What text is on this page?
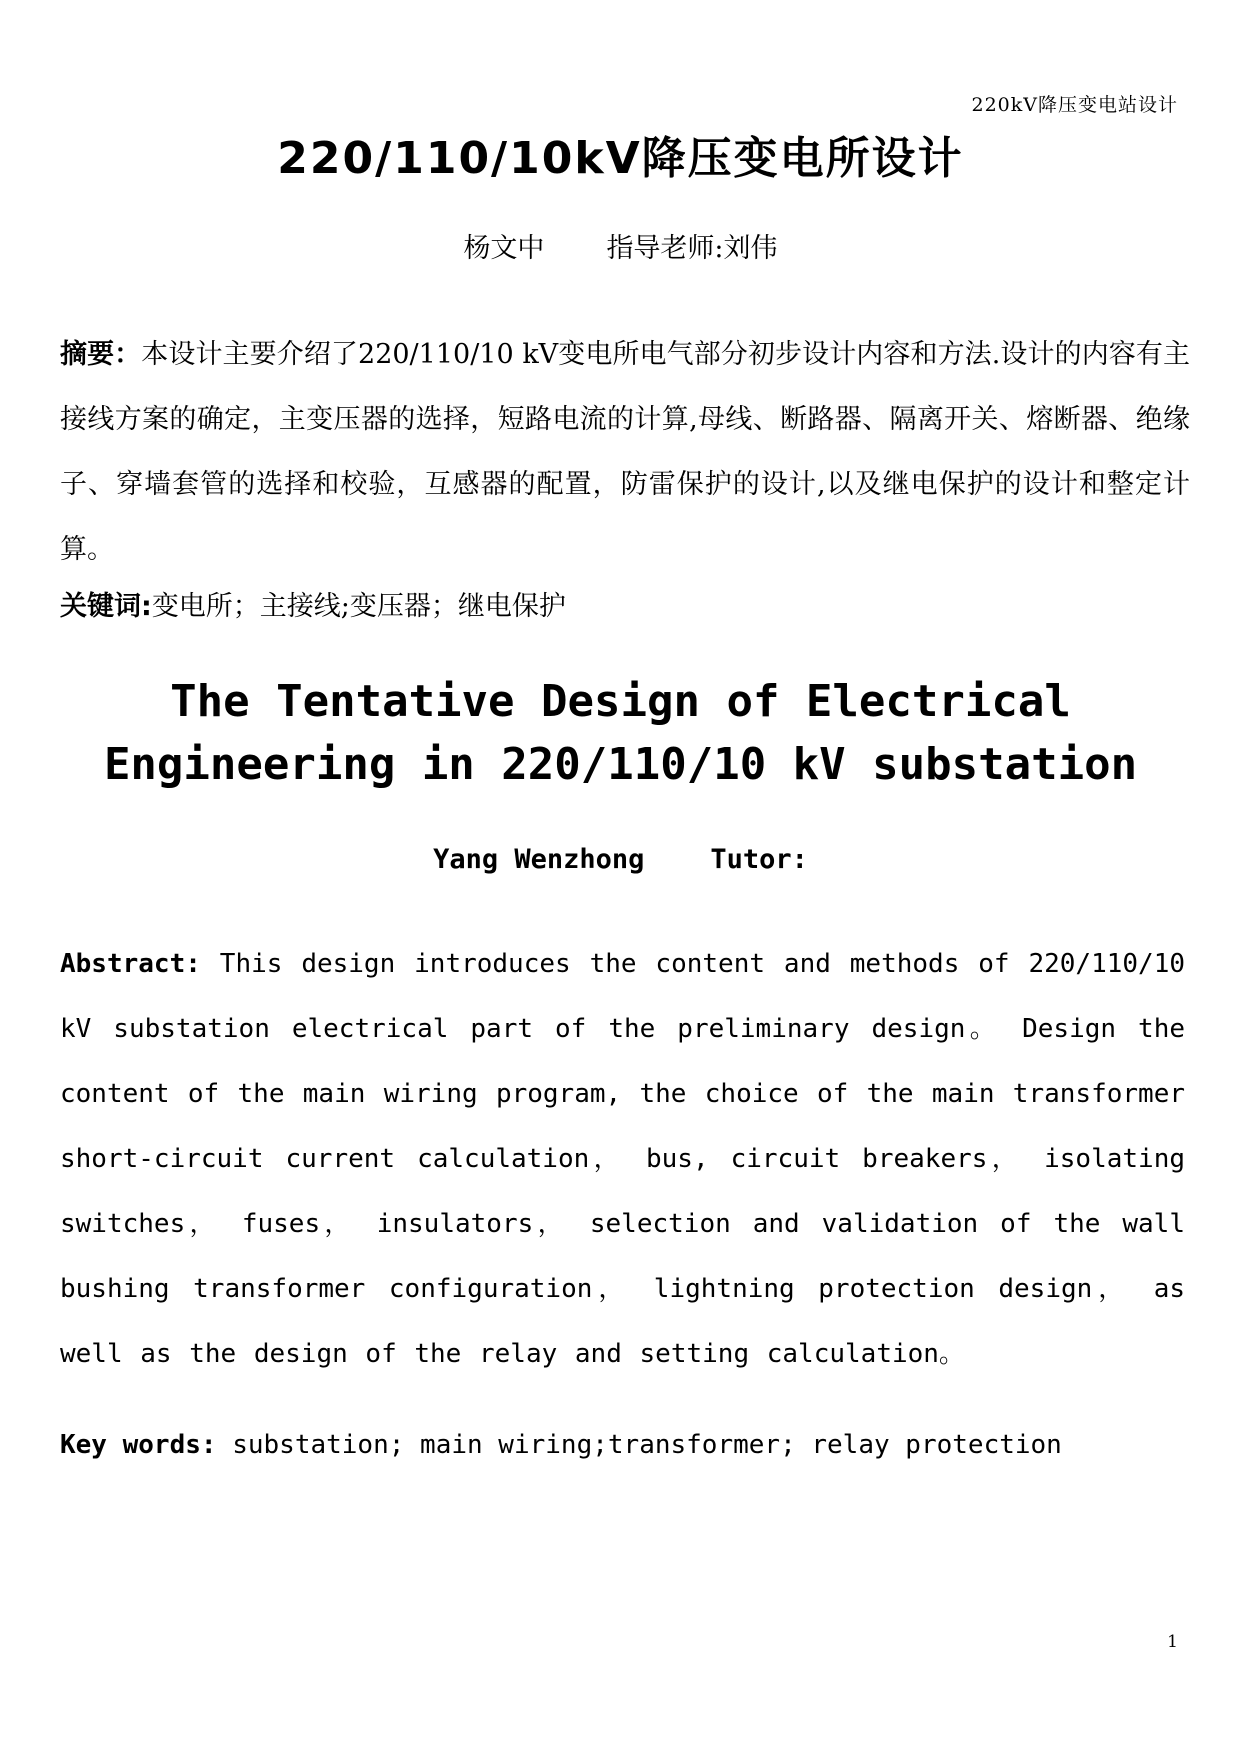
220kV降压变电站设计
220/110/10kV降压变电所设计
杨文中 指导老师:刘伟
摘要：本设计主要介绍了220/110/10 kV变电所电气部分初步设计内容和方法.设计的内容有主接线方案的确定，主变压器的选择，短路电流的计算,母线、断路器、隔离开关、熔断器、绝缘子、穿墙套管的选择和校验，互感器的配置，防雷保护的设计,以及继电保护的设计和整定计算。
关键词:变电所；主接线;变压器；继电保护
The Tentative Design of Electrical Engineering in 220/110/10 kV substation
Yang Wenzhong Tutor:
Abstract: This design introduces the content and methods of 220/110/10 kV substation electrical part of the preliminary design。 Design the content of the main wiring program, the choice of the main transformer short-circuit current calculation， bus, circuit breakers， isolating switches， fuses， insulators， selection and validation of the wall bushing transformer configuration， lightning protection design， as well as the design of the relay and setting calculation。
Key words: substation; main wiring;transformer; relay protection
1
